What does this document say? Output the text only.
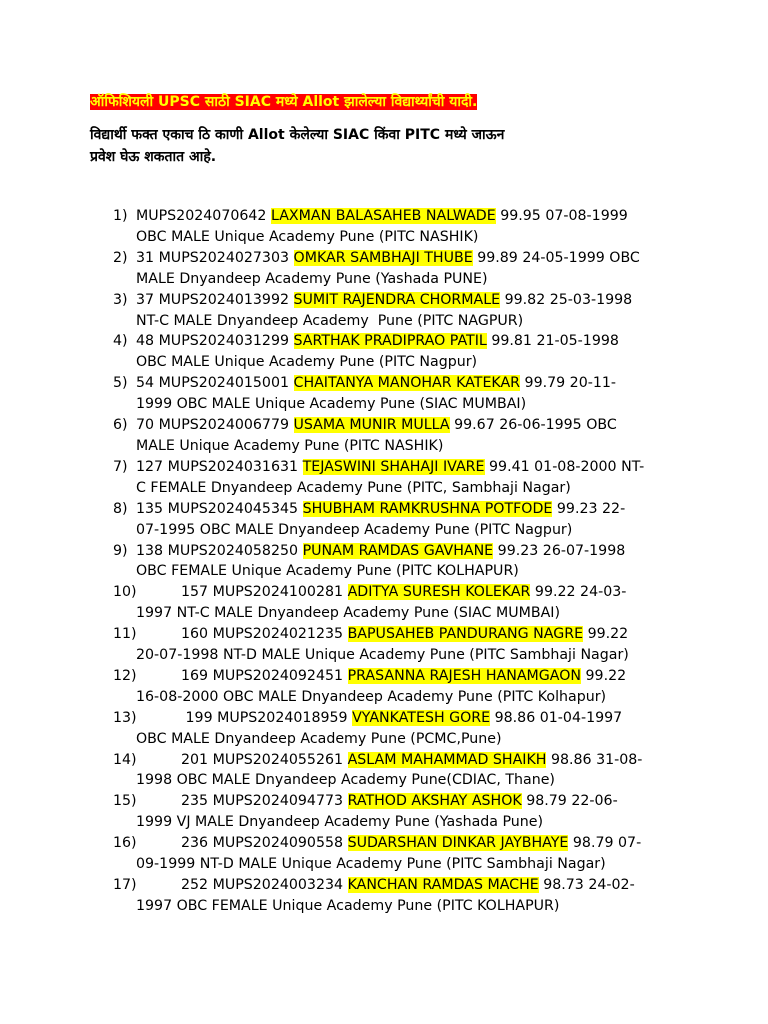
ऑफिशियली UPSC साठी SIAC मध्ये Allot झालेल्या विद्यार्थ्यांची यादी.

विद्यार्थी फक्त एकाच ठि काणी Allot केलेल्या SIAC किंवा PITC मध्ये जाऊन
प्रवेश घेऊ शकतात आहे.

1) MUPS2024070642 LAXMAN BALASAHEB NALWADE 99.95 07-08-1999
OBC MALE Unique Academy Pune (PITC NASHIK)
2) 31 MUPS2024027303 OMKAR SAMBHAJI THUBE 99.89 24-05-1999 OBC
MALE Dnyandeep Academy Pune (Yashada PUNE)
3) 37 MUPS2024013992 SUMIT RAJENDRA CHORMALE 99.82 25-03-1998
NT-C MALE Dnyandeep Academy  Pune (PITC NAGPUR)
4) 48 MUPS2024031299 SARTHAK PRADIPRAO PATIL 99.81 21-05-1998
OBC MALE Unique Academy Pune (PITC Nagpur)
5) 54 MUPS2024015001 CHAITANYA MANOHAR KATEKAR 99.79 20-11-
1999 OBC MALE Unique Academy Pune (SIAC MUMBAI)
6) 70 MUPS2024006779 USAMA MUNIR MULLA 99.67 26-06-1995 OBC
MALE Unique Academy Pune (PITC NASHIK)
7) 127 MUPS2024031631 TEJASWINI SHAHAJI IVARE 99.41 01-08-2000 NT-
C FEMALE Dnyandeep Academy Pune (PITC, Sambhaji Nagar)
8) 135 MUPS2024045345 SHUBHAM RAMKRUSHNA POTFODE 99.23 22-
07-1995 OBC MALE Dnyandeep Academy Pune (PITC Nagpur)
9) 138 MUPS2024058250 PUNAM RAMDAS GAVHANE 99.23 26-07-1998
OBC FEMALE Unique Academy Pune (PITC KOLHAPUR)
10)	157 MUPS2024100281 ADITYA SURESH KOLEKAR 99.22 24-03-
1997 NT-C MALE Dnyandeep Academy Pune (SIAC MUMBAI)
11)	160 MUPS2024021235 BAPUSAHEB PANDURANG NAGRE 99.22
20-07-1998 NT-D MALE Unique Academy Pune (PITC Sambhaji Nagar)
12)	169 MUPS2024092451 PRASANNA RAJESH HANAMGAON 99.22
16-08-2000 OBC MALE Dnyandeep Academy Pune (PITC Kolhapur)
13)	199 MUPS2024018959 VYANKATESH GORE 98.86 01-04-1997
OBC MALE Dnyandeep Academy Pune (PCMC,Pune)
14)	201 MUPS2024055261 ASLAM MAHAMMAD SHAIKH 98.86 31-08-
1998 OBC MALE Dnyandeep Academy Pune(CDIAC, Thane)
15)	235 MUPS2024094773 RATHOD AKSHAY ASHOK 98.79 22-06-
1999 VJ MALE Dnyandeep Academy Pune (Yashada Pune)
16)	236 MUPS2024090558 SUDARSHAN DINKAR JAYBHAYE 98.79 07-
09-1999 NT-D MALE Unique Academy Pune (PITC Sambhaji Nagar)
17)	252 MUPS2024003234 KANCHAN RAMDAS MACHE 98.73 24-02-
1997 OBC FEMALE Unique Academy Pune (PITC KOLHAPUR)
